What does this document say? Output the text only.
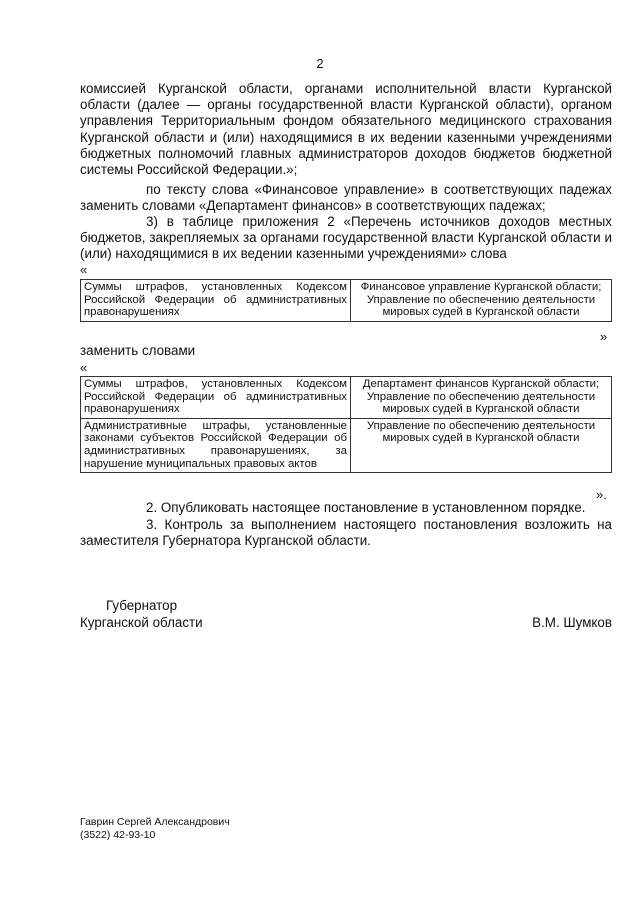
2
комиссией Курганской области, органами исполнительной власти Курганской области (далее — органы государственной власти Курганской области), органом управления Территориальным фондом обязательного медицинского страхования Курганской области и (или) находящимися в их ведении казенными учреждениями бюджетных полномочий главных администраторов доходов бюджетов бюджетной системы Российской Федерации.»;
по тексту слова «Финансовое управление» в соответствующих падежах заменить словами «Департамент финансов» в соответствующих падежах;
3) в таблице приложения 2 «Перечень источников доходов местных бюджетов, закрепляемых за органами государственной власти Курганской области и (или) находящимися в их ведении казенными учреждениями» слова
«
Суммы штрафов, установленных Кодексом Российской Федерации об административных правонарушениях	Финансовое управление Курганской области; Управление по обеспечению деятельности мировых судей в Курганской области
»
заменить словами
«
Суммы штрафов, установленных Кодексом Российской Федерации об административных правонарушениях	Департамент финансов Курганской области; Управление по обеспечению деятельности мировых судей в Курганской области
Административные штрафы, установленные законами субъектов Российской Федерации об административных правонарушениях, за нарушение муниципальных правовых актов	Управление по обеспечению деятельности мировых судей в Курганской области
».
2. Опубликовать настоящее постановление в установленном порядке.
3. Контроль за выполнением настоящего постановления возложить на заместителя Губернатора Курганской области.
Губернатор
Курганской области	В.М. Шумков
Гаврин Сергей Александрович
(3522) 42-93-10
